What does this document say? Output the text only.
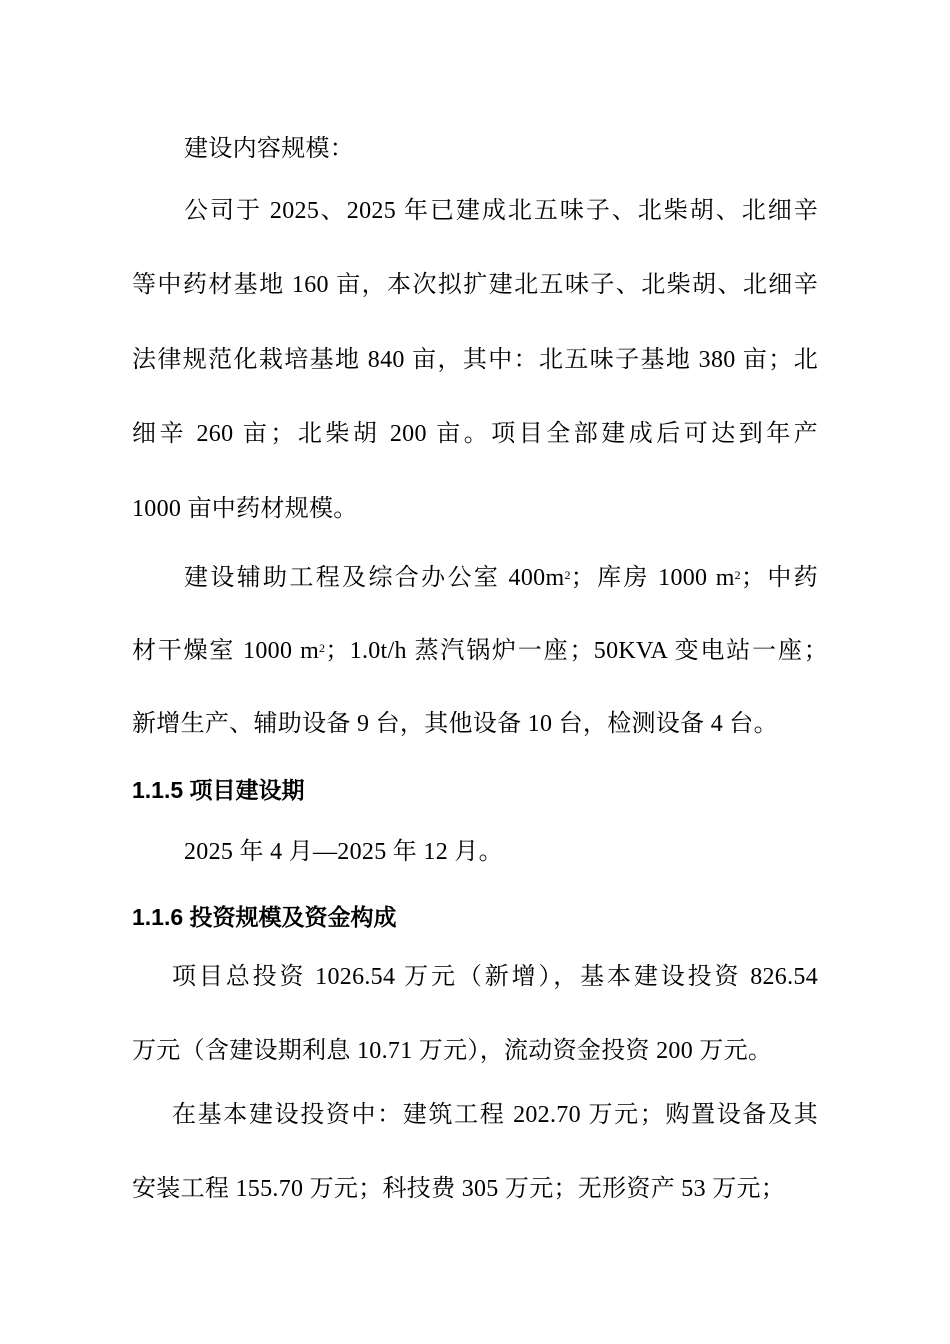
建设内容规模：
公司于 2025、2025 年已建成北五味子、北柴胡、北细辛
等中药材基地 160 亩，本次拟扩建北五味子、北柴胡、北细辛
法律规范化栽培基地 840 亩，其中：北五味子基地 380 亩；北
细辛 260 亩；北柴胡 200 亩。项目全部建成后可达到年产
1000 亩中药材规模。
建设辅助工程及综合办公室 $400m^2$；库房 1000 $m^2$；中药
材干燥室 1000 $m^2$；1.0t/h 蒸汽锅炉一座；50KVA 变电站一座；
新增生产、辅助设备 9 台，其他设备 10 台，检测设备 4 台。
1.1.5 项目建设期
2025 年 4 月—2025 年 12 月。
1.1.6 投资规模及资金构成
项目总投资 1026.54 万元（新增），基本建设投资 826.54
万元（含建设期利息 10.71 万元），流动资金投资 200 万元。
在基本建设投资中：建筑工程 202.70 万元；购置设备及其
安装工程 155.70 万元；科技费 305 万元；无形资产 53 万元；
